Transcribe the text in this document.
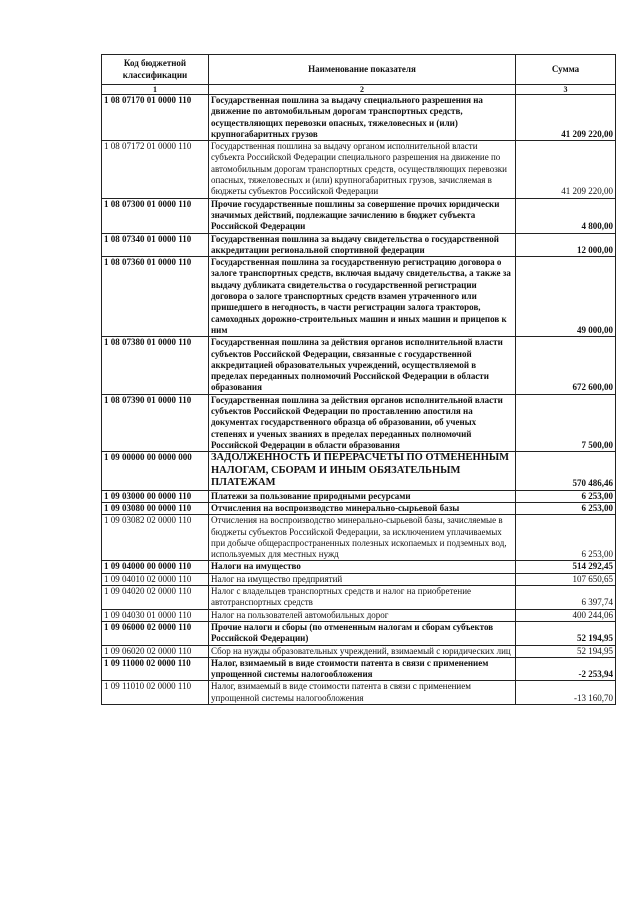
Код бюджетной классификации	Наименование показателя	Сумма
1	2	3
1 08 07170 01 0000 110	Государственная пошлина за выдачу специального разрешения на движение по автомобильным дорогам транспортных средств, осуществляющих перевозки опасных, тяжеловесных и (или) крупногабаритных грузов	41 209 220,00
1 08 07172 01 0000 110	Государственная пошлина за выдачу органом исполнительной власти субъекта Российской Федерации специального разрешения на движение по автомобильным дорогам транспортных средств, осуществляющих перевозки опасных, тяжеловесных и (или) крупногабаритных грузов, зачисляемая в бюджеты субъектов Российской Федерации	41 209 220,00
1 08 07300 01 0000 110	Прочие государственные пошлины за совершение прочих юридически значимых действий, подлежащие зачислению в бюджет субъекта Российской Федерации	4 800,00
1 08 07340 01 0000 110	Государственная пошлина за выдачу свидетельства о государственной аккредитации региональной спортивной федерации	12 000,00
1 08 07360 01 0000 110	Государственная пошлина за государственную регистрацию договора о залоге транспортных средств, включая выдачу свидетельства, а также за выдачу дубликата свидетельства о государственной регистрации договора о залоге транспортных средств взамен утраченного или пришедшего в негодность, в части регистрации залога тракторов, самоходных дорожно-строительных машин и иных машин и прицепов к ним	49 000,00
1 08 07380 01 0000 110	Государственная пошлина за действия органов исполнительной власти субъектов Российской Федерации, связанные с государственной аккредитацией образовательных учреждений, осуществляемой в пределах переданных полномочий Российской Федерации в области образования	672 600,00
1 08 07390 01 0000 110	Государственная пошлина за действия органов исполнительной власти субъектов Российской Федерации по проставлению апостиля на документах государственного образца об образовании, об ученых степенях и ученых званиях в пределах переданных полномочий Российской Федерации в области образования	7 500,00
1 09 00000 00 0000 000	ЗАДОЛЖЕННОСТЬ И ПЕРЕРАСЧЕТЫ ПО ОТМЕНЕННЫМ НАЛОГАМ, СБОРАМ И ИНЫМ ОБЯЗАТЕЛЬНЫМ ПЛАТЕЖАМ	570 486,46
1 09 03000 00 0000 110	Платежи за пользование природными ресурсами	6 253,00
1 09 03080 00 0000 110	Отчисления на воспроизводство минерально-сырьевой базы	6 253,00
1 09 03082 02 0000 110	Отчисления на воспроизводство минерально-сырьевой базы, зачисляемые в бюджеты субъектов Российской Федерации, за исключением уплачиваемых при добыче общераспространенных полезных ископаемых и подземных вод, используемых для местных нужд	6 253,00
1 09 04000 00 0000 110	Налоги на имущество	514 292,45
1 09 04010 02 0000 110	Налог на имущество предприятий	107 650,65
1 09 04020 02 0000 110	Налог с владельцев транспортных средств и налог на приобретение автотранспортных средств	6 397,74
1 09 04030 01 0000 110	Налог на пользователей автомобильных дорог	400 244,06
1 09 06000 02 0000 110	Прочие налоги и сборы (по отмененным налогам и сборам субъектов Российской Федерации)	52 194,95
1 09 06020 02 0000 110	Сбор на нужды образовательных учреждений, взимаемый с юридических лиц	52 194,95
1 09 11000 02 0000 110	Налог, взимаемый в виде стоимости патента в связи с применением упрощенной системы налогообложения	-2 253,94
1 09 11010 02 0000 110	Налог, взимаемый в виде стоимости патента в связи с применением упрощенной системы налогообложения	-13 160,70
